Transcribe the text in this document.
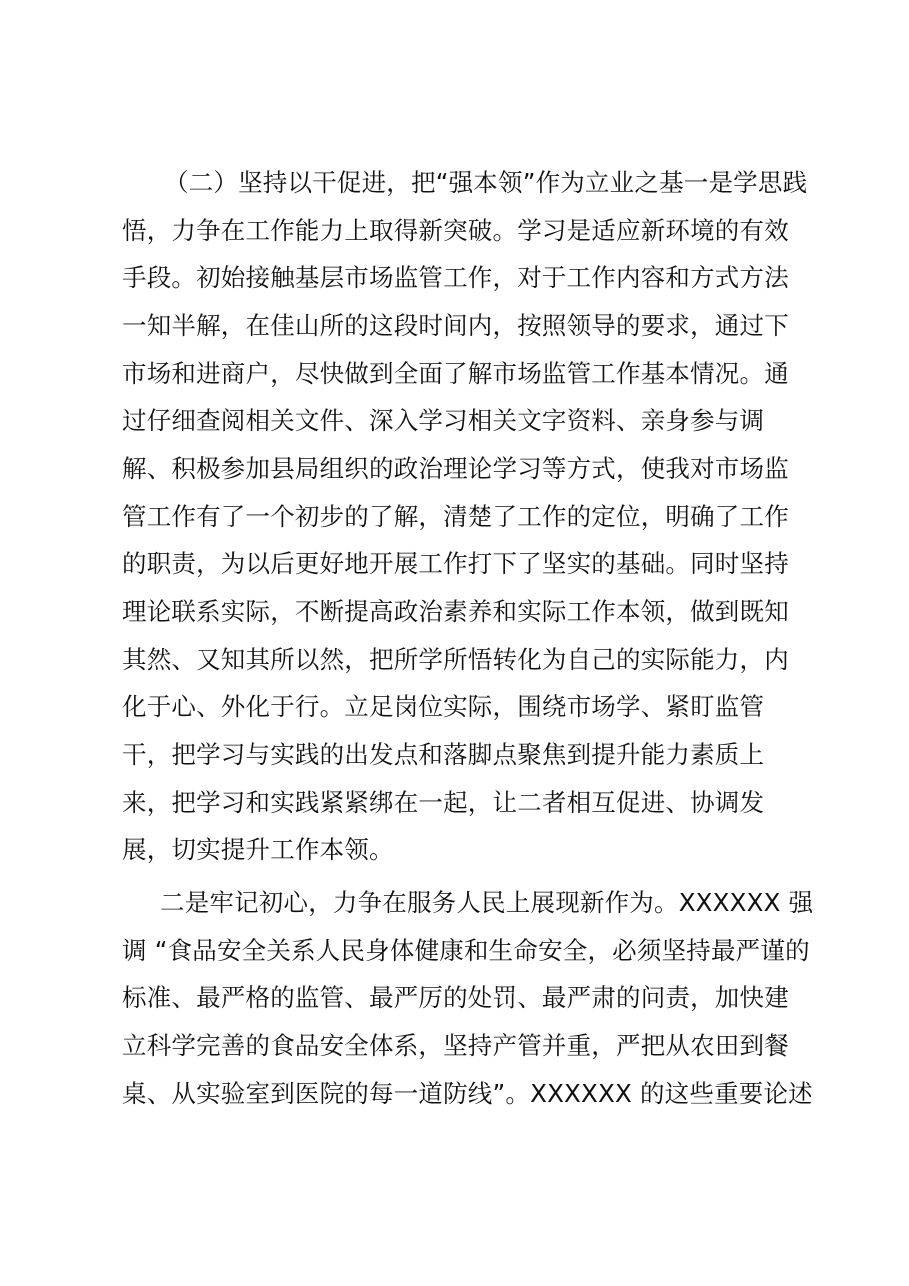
（二）坚持以干促进，把“强本领”作为立业之基一是学思践
悟，力争在工作能力上取得新突破。学习是适应新环境的有效
手段。初始接触基层市场监管工作，对于工作内容和方式方法
一知半解，在佳山所的这段时间内，按照领导的要求，通过下
市场和进商户，尽快做到全面了解市场监管工作基本情况。通
过仔细查阅相关文件、深入学习相关文字资料、亲身参与调
解、积极参加县局组织的政治理论学习等方式，使我对市场监
管工作有了一个初步的了解，清楚了工作的定位，明确了工作
的职责，为以后更好地开展工作打下了坚实的基础。同时坚持
理论联系实际，不断提高政治素养和实际工作本领，做到既知
其然、又知其所以然，把所学所悟转化为自己的实际能力，内
化于心、外化于行。立足岗位实际，围绕市场学、紧盯监管
干，把学习与实践的出发点和落脚点聚焦到提升能力素质上
来，把学习和实践紧紧绑在一起，让二者相互促进、协调发
展，切实提升工作本领。
二是牢记初心，力争在服务人民上展现新作为。XXXXXX 强
调 “食品安全关系人民身体健康和生命安全，必须坚持最严谨的
标准、最严格的监管、最严厉的处罚、最严肃的问责，加快建
立科学完善的食品安全体系，坚持产管并重，严把从农田到餐
桌、从实验室到医院的每一道防线”。XXXXXX 的这些重要论述
